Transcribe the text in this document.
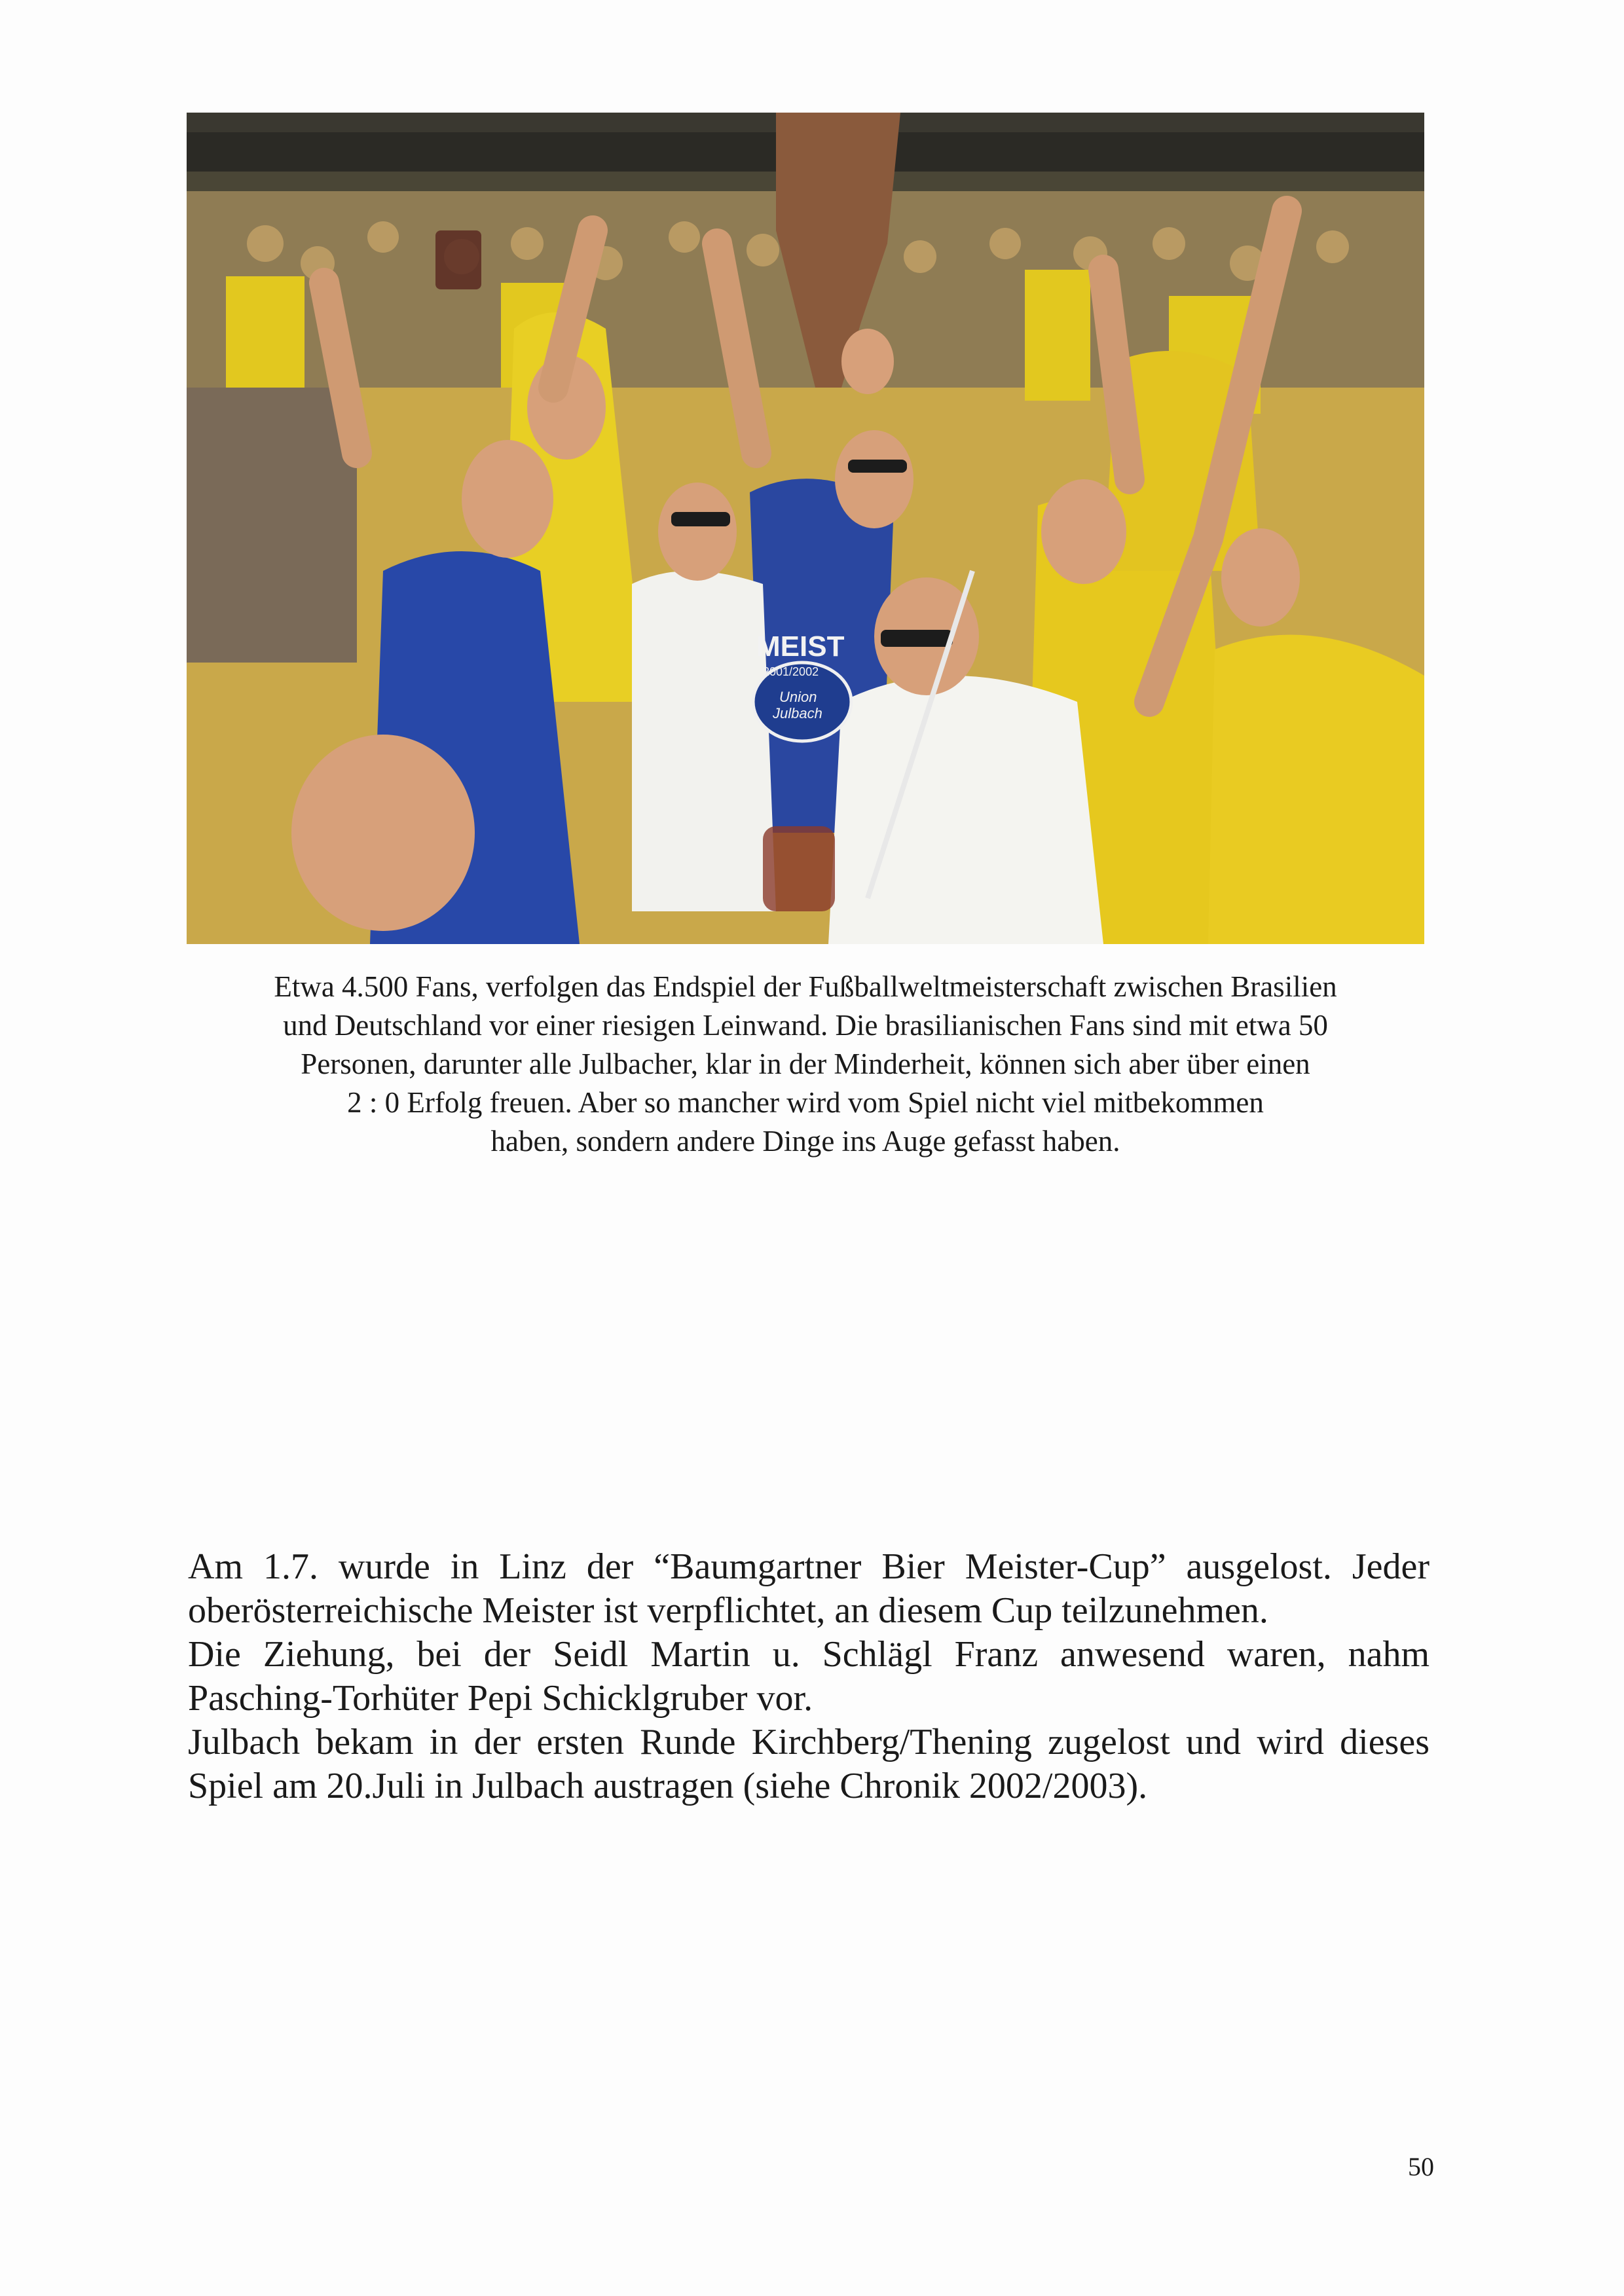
MEIST
2001/2002
Union
Julbach
Etwa 4.500 Fans, verfolgen das Endspiel der Fußballweltmeisterschaft zwischen Brasilien
und Deutschland vor einer riesigen Leinwand. Die brasilianischen Fans sind mit etwa 50
Personen, darunter alle Julbacher, klar in der Minderheit, können sich aber über einen
2 : 0 Erfolg freuen. Aber so mancher wird vom Spiel nicht viel mitbekommen
haben, sondern andere Dinge ins Auge gefasst haben.
Am 1.7. wurde in Linz der “Baumgartner Bier Meister-Cup” ausgelost. Jeder
oberösterreichische Meister ist verpflichtet, an diesem Cup teilzunehmen.
Die Ziehung, bei der Seidl Martin u. Schlägl Franz anwesend waren, nahm
Pasching-Torhüter Pepi Schicklgruber vor.
Julbach bekam in der ersten Runde Kirchberg/Thening zugelost und wird dieses
Spiel am 20.Juli in Julbach austragen (siehe Chronik 2002/2003).
50
